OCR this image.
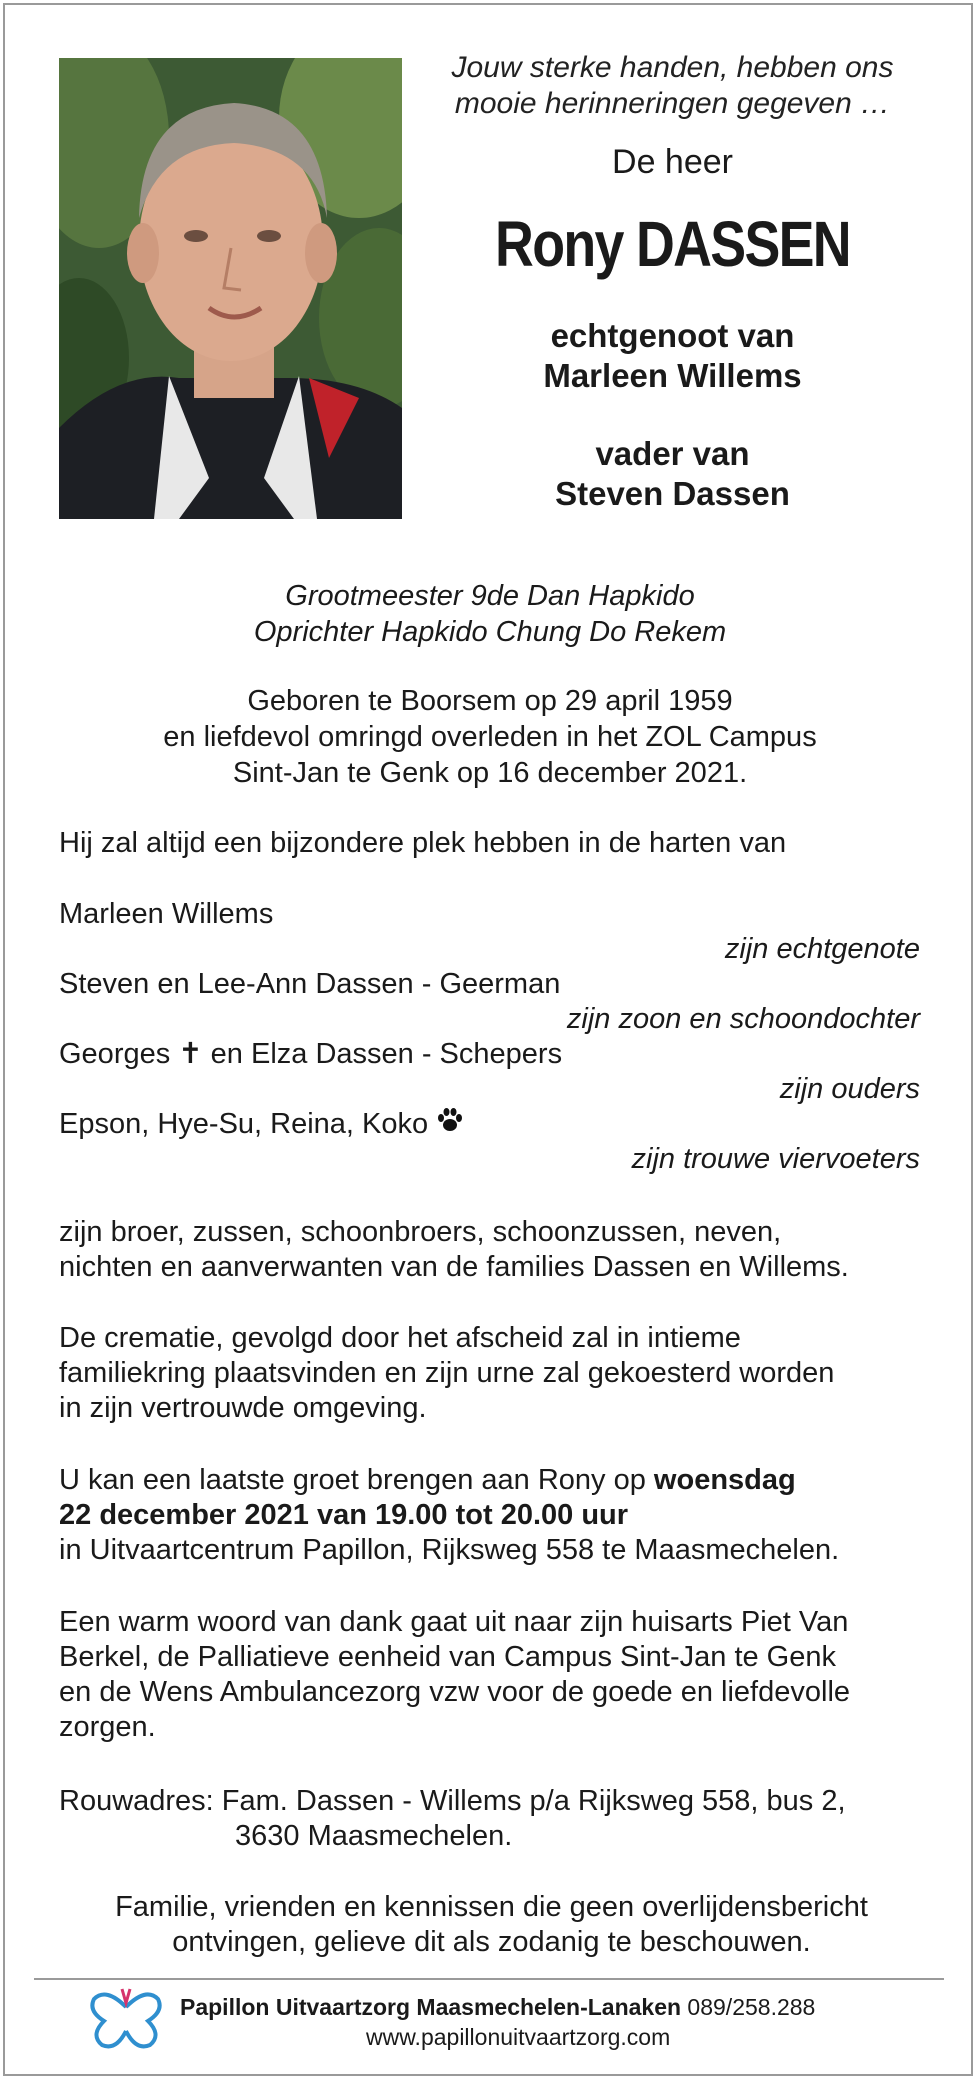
Jouw sterke handen, hebben ons
mooie herinneringen gegeven …
De heer
Rony DASSEN
echtgenoot van
Marleen Willems
vader van
Steven Dassen
Grootmeester 9de Dan Hapkido
Oprichter Hapkido Chung Do Rekem
Geboren te Boorsem op 29 april 1959
en liefdevol omringd overleden in het ZOL Campus
Sint-Jan te Genk op 16 december 2021.
Hij zal altijd een bijzondere plek hebben in de harten van
Marleen Willems
zijn echtgenote
Steven en Lee-Ann Dassen - Geerman
zijn zoon en schoondochter
Georges ✝ en Elza Dassen - Schepers
zijn ouders
Epson, Hye-Su, Reina, Koko
zijn trouwe viervoeters
zijn broer, zussen, schoonbroers, schoonzussen, neven,
nichten en aanverwanten van de families Dassen en Willems.
De crematie, gevolgd door het afscheid zal in intieme
familiekring plaatsvinden en zijn urne zal gekoesterd worden
in zijn vertrouwde omgeving.
U kan een laatste groet brengen aan Rony op woensdag
22 december 2021 van 19.00 tot 20.00 uur
in Uitvaartcentrum Papillon, Rijksweg 558 te Maasmechelen.
Een warm woord van dank gaat uit naar zijn huisarts Piet Van
Berkel, de Palliatieve eenheid van Campus Sint-Jan te Genk
en de Wens Ambulancezorg vzw voor de goede en liefdevolle
zorgen.
Rouwadres: Fam. Dassen - Willems p/a Rijksweg 558, bus 2,
3630 Maasmechelen.
Familie, vrienden en kennissen die geen overlijdensbericht
ontvingen, gelieve dit als zodanig te beschouwen.
Papillon Uitvaartzorg Maasmechelen-Lanaken 089/258.288
www.papillonuitvaartzorg.com
